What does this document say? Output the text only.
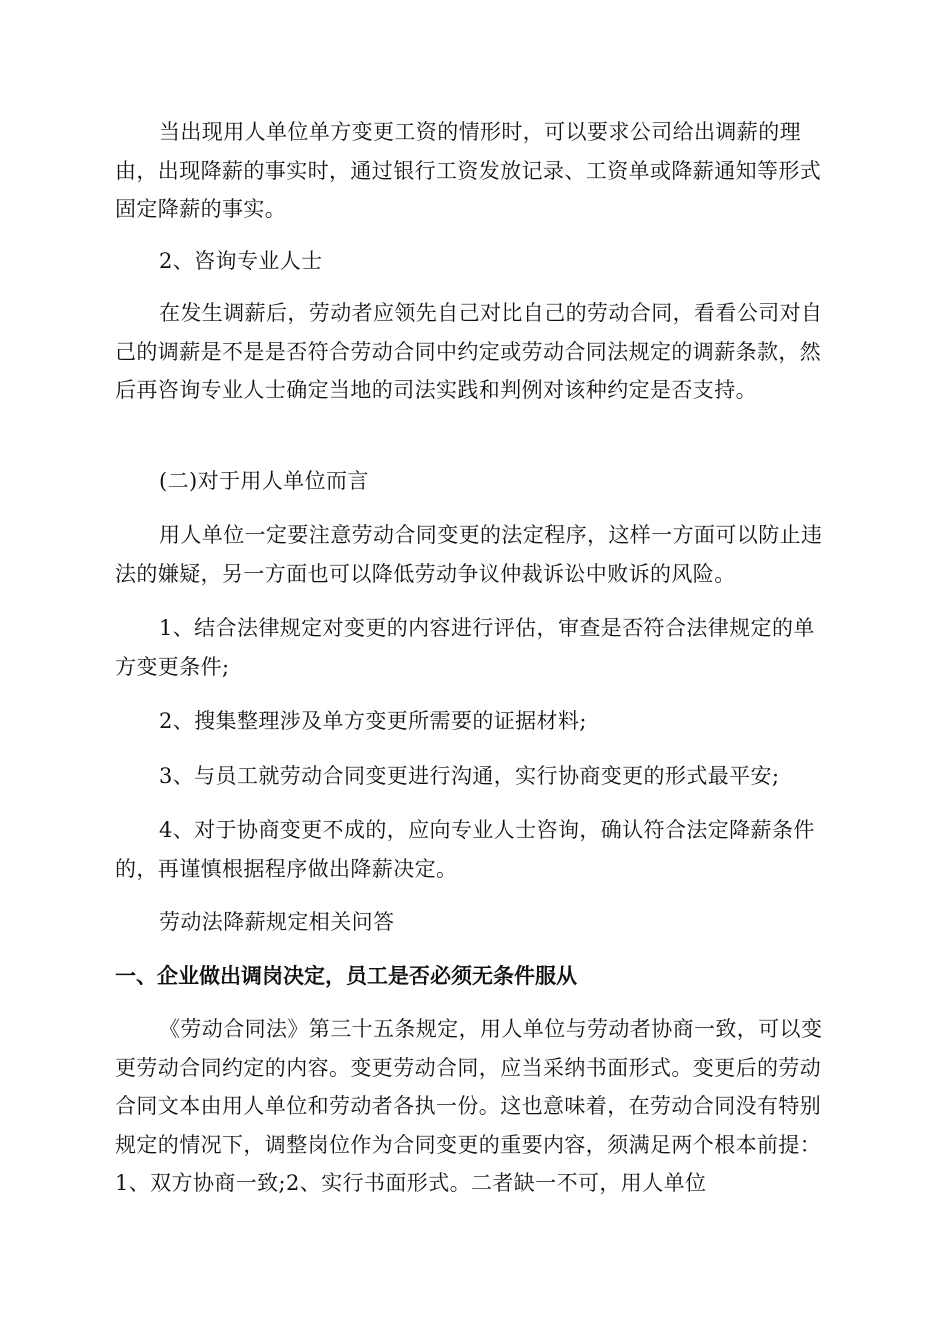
当出现用人单位单方变更工资的情形时，可以要求公司给出调薪的理由，出现降薪的事实时，通过银行工资发放记录、工资单或降薪通知等形式固定降薪的事实。

2、咨询专业人士

在发生调薪后，劳动者应领先自己对比自己的劳动合同，看看公司对自己的调薪是不是是否符合劳动合同中约定或劳动合同法规定的调薪条款，然后再咨询专业人士确定当地的司法实践和判例对该种约定是否支持。

(二)对于用人单位而言

用人单位一定要注意劳动合同变更的法定程序，这样一方面可以防止违法的嫌疑，另一方面也可以降低劳动争议仲裁诉讼中败诉的风险。

1、结合法律规定对变更的内容进行评估，审查是否符合法律规定的单方变更条件;

2、搜集整理涉及单方变更所需要的证据材料;

3、与员工就劳动合同变更进行沟通，实行协商变更的形式最平安;

4、对于协商变更不成的，应向专业人士咨询，确认符合法定降薪条件的，再谨慎根据程序做出降薪决定。

劳动法降薪规定相关问答

一、企业做出调岗决定，员工是否必须无条件服从

《劳动合同法》第三十五条规定，用人单位与劳动者协商一致，可以变更劳动合同约定的内容。变更劳动合同，应当采纳书面形式。变更后的劳动合同文本由用人单位和劳动者各执一份。这也意味着，在劳动合同没有特别规定的情况下，调整岗位作为合同变更的重要内容，须满足两个根本前提：1、双方协商一致;2、实行书面形式。二者缺一不可，用人单位
